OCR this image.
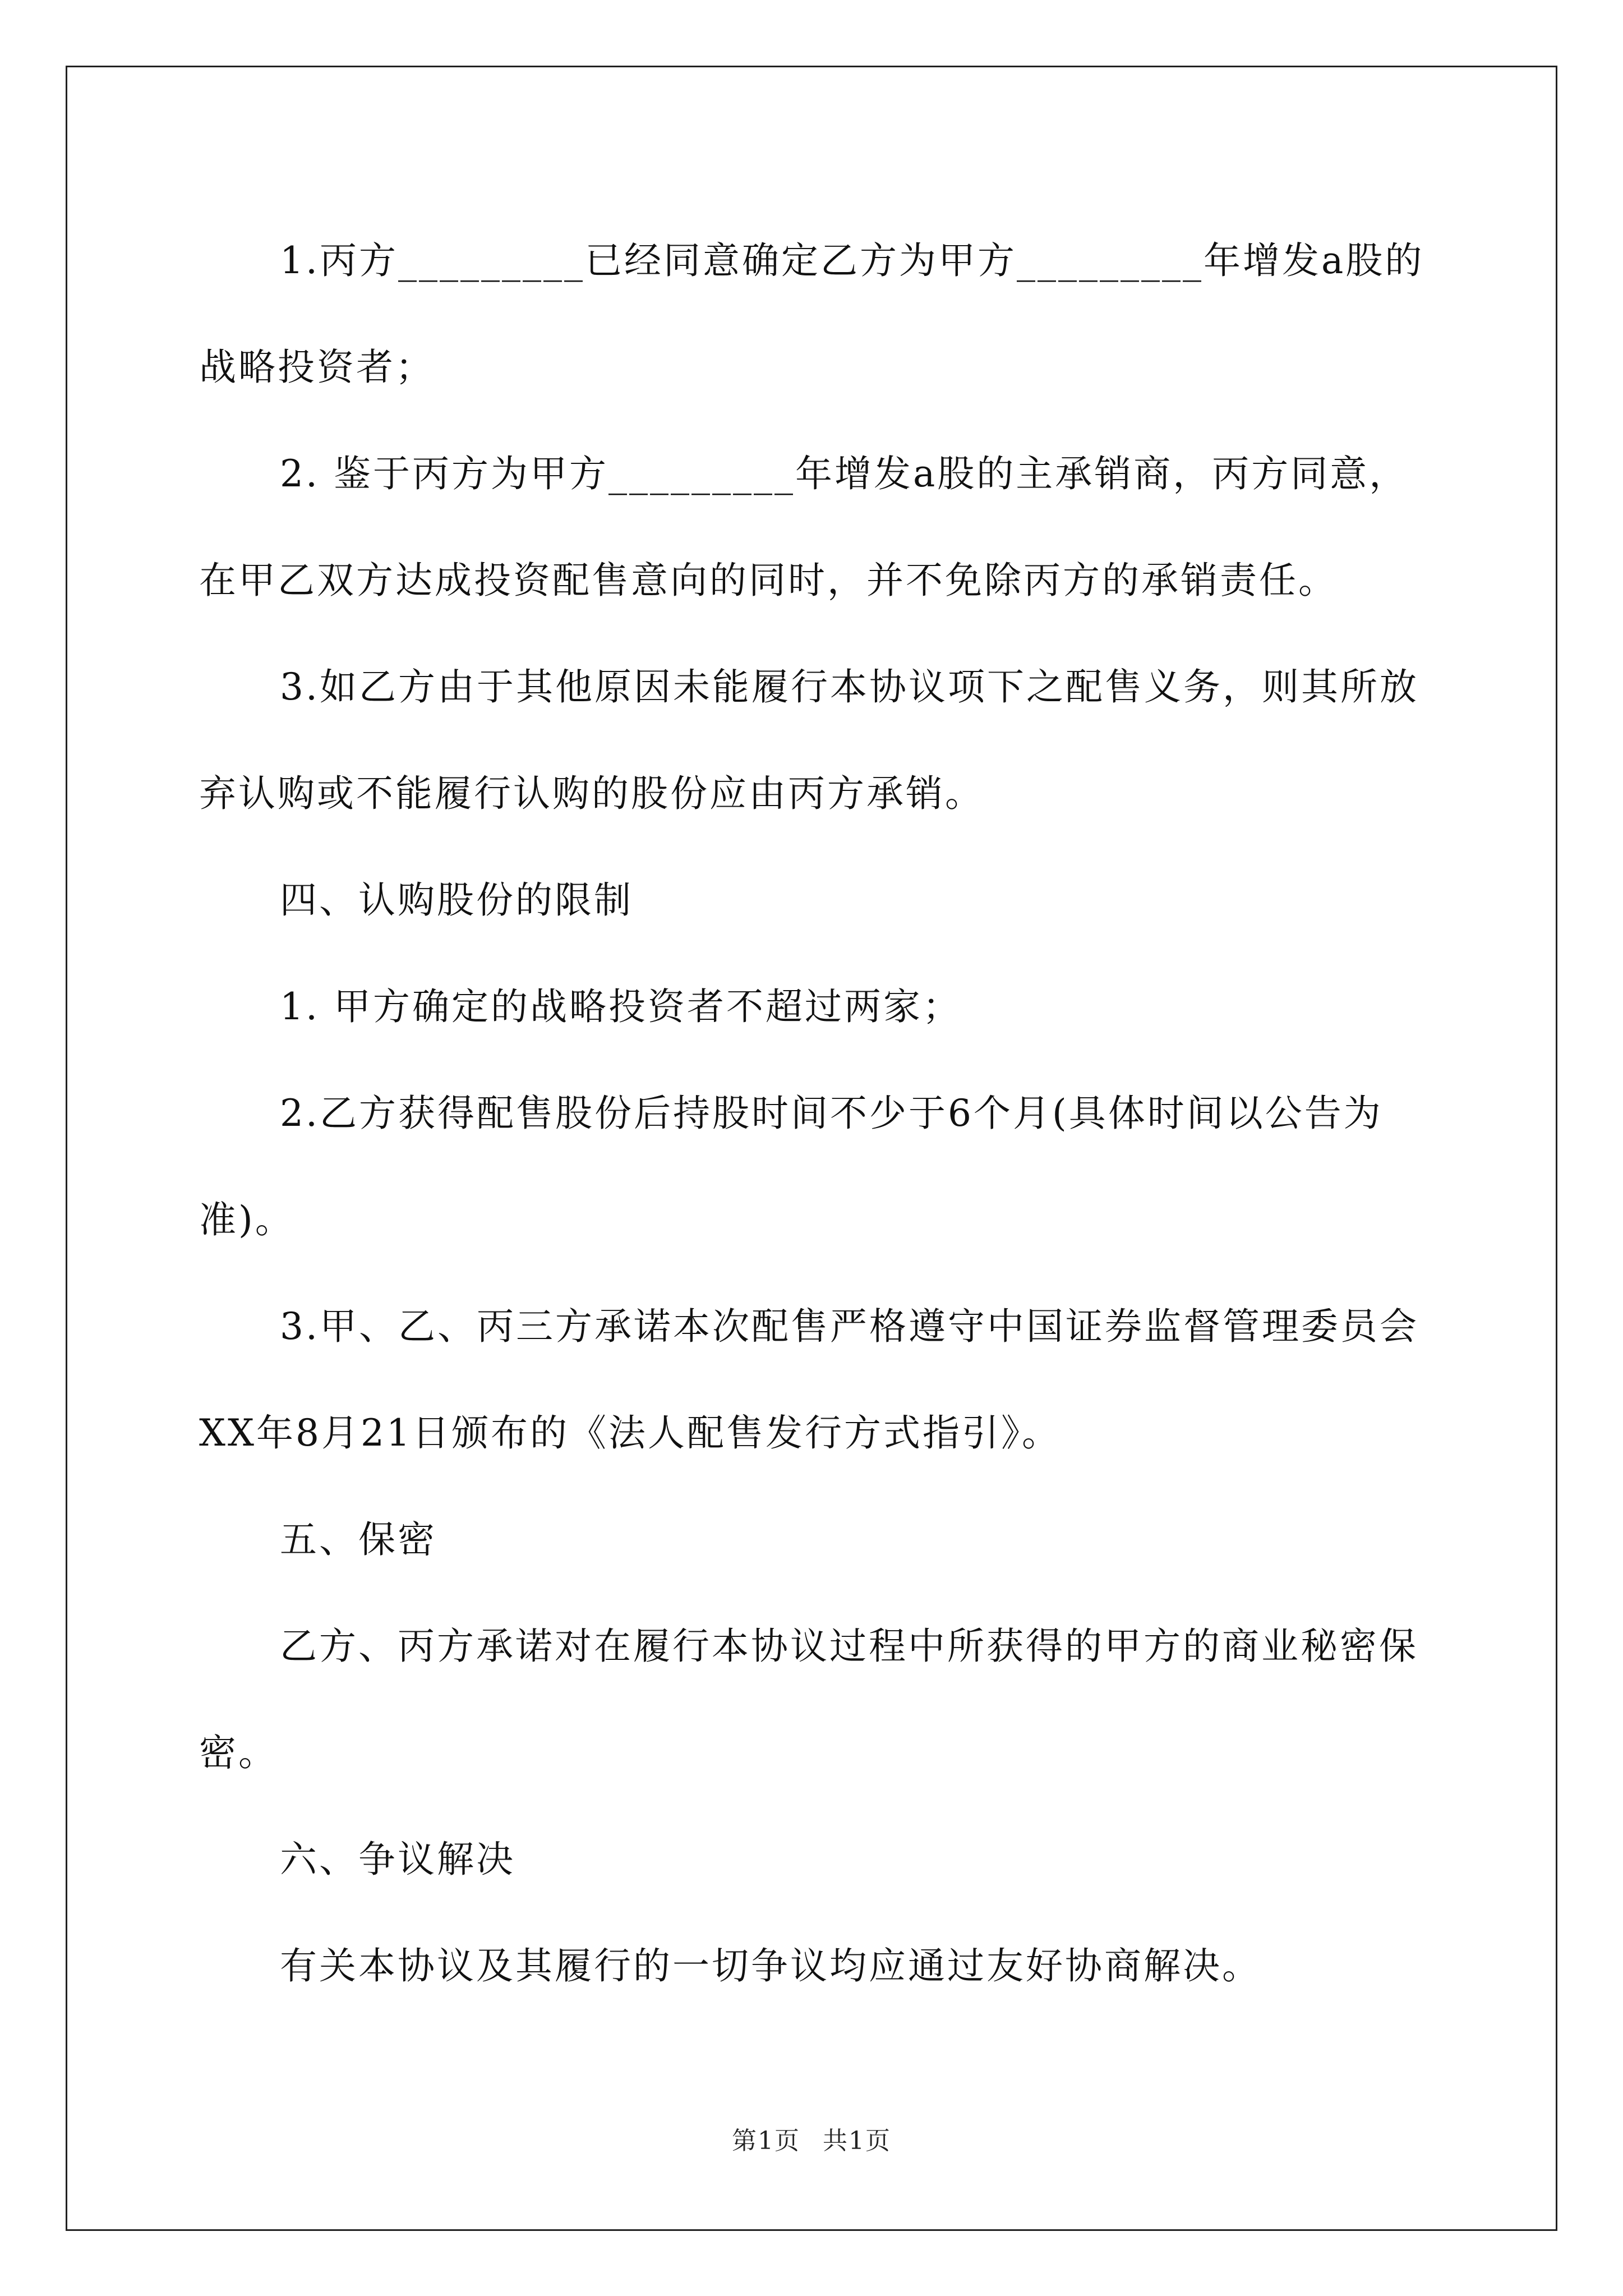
1.丙方_________已经同意确定乙方为甲方_________年增发a股的战略投资者；

2. 鉴于丙方为甲方_________年增发a股的主承销商，丙方同意，在甲乙双方达成投资配售意向的同时，并不免除丙方的承销责任。

3.如乙方由于其他原因未能履行本协议项下之配售义务，则其所放弃认购或不能履行认购的股份应由丙方承销。

四、认购股份的限制

1. 甲方确定的战略投资者不超过两家；

2.乙方获得配售股份后持股时间不少于6个月(具体时间以公告为准)。

3.甲、乙、丙三方承诺本次配售严格遵守中国证券监督管理委员会XX年8月21日颁布的《法人配售发行方式指引》。

五、保密

乙方、丙方承诺对在履行本协议过程中所获得的甲方的商业秘密保密。

六、争议解决

有关本协议及其履行的一切争议均应通过友好协商解决。

第1页 共1页
